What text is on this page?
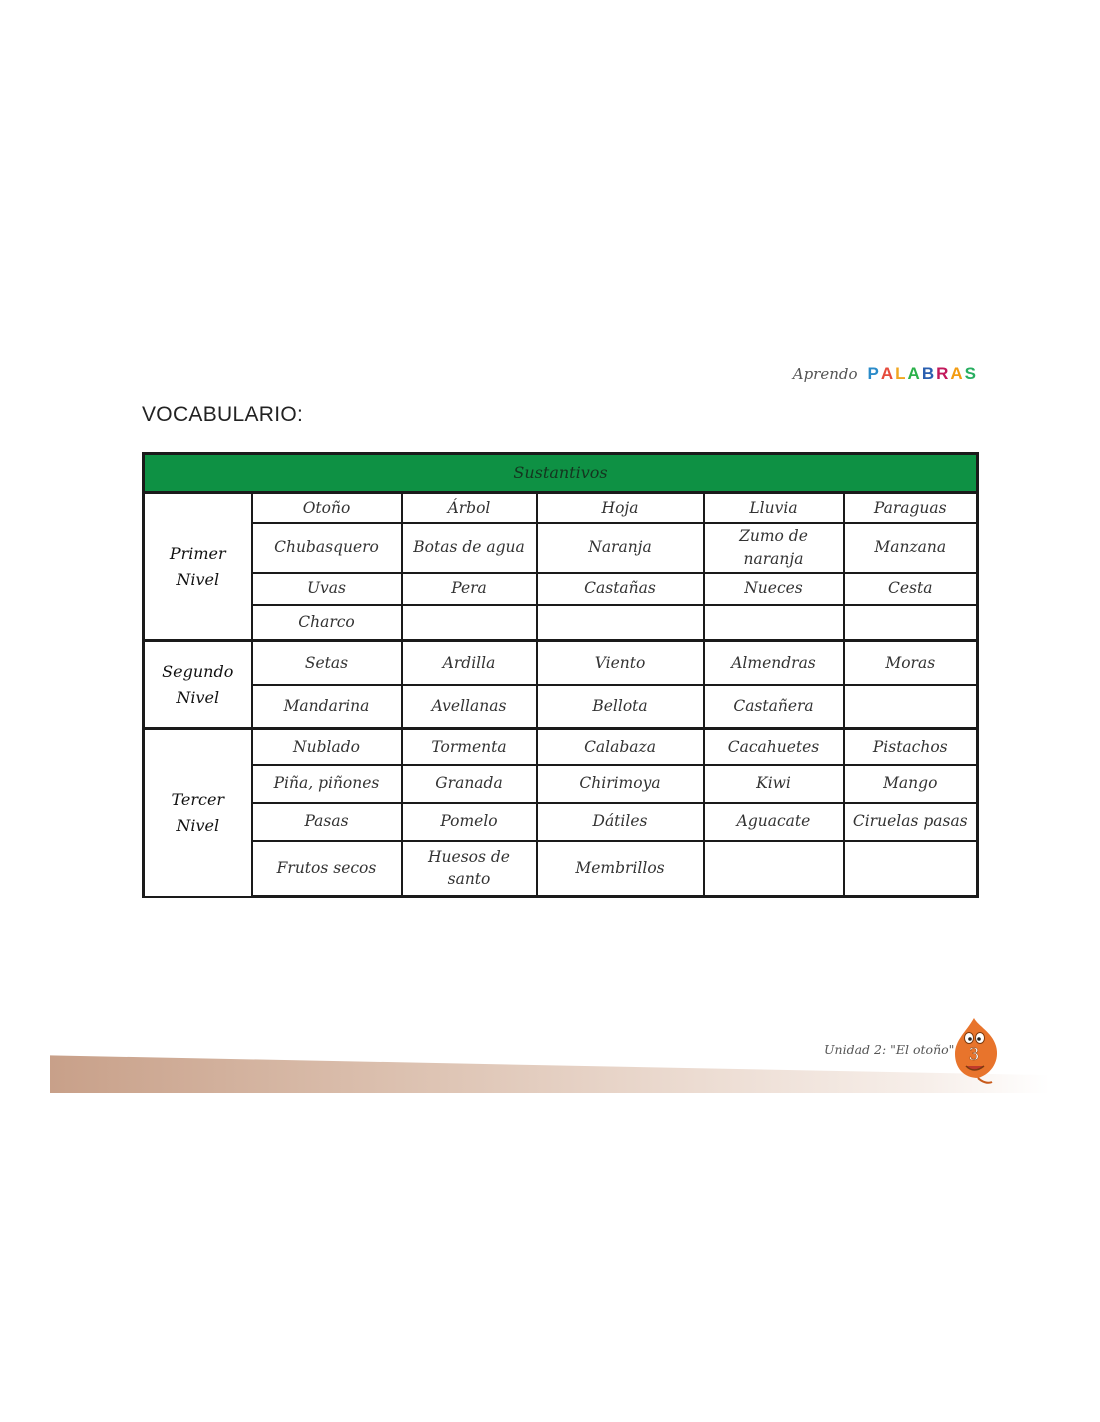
Aprendo PALABRAS
VOCABULARIO:
Sustantivos					

Primer
Nivel	Otoño	Árbol	Hoja	Lluvia	Paraguas
	Chubasquero	Botas de agua	Naranja	Zumo de naranja	Manzana
	Uvas	Pera	Castañas	Nueces	Cesta
	Charco				

Segundo
Nivel	Setas	Ardilla	Viento	Almendras	Moras
	Mandarina	Avellanas	Bellota	Castañera	

Tercer
Nivel	Nublado	Tormenta	Calabaza	Cacahuetes	Pistachos
	Piña, piñones	Granada	Chirimoya	Kiwi	Mango
	Pasas	Pomelo	Dátiles	Aguacate	Ciruelas pasas
	Frutos secos	Huesos de santo	Membrillos		
Unidad 2: "El otoño" 3
